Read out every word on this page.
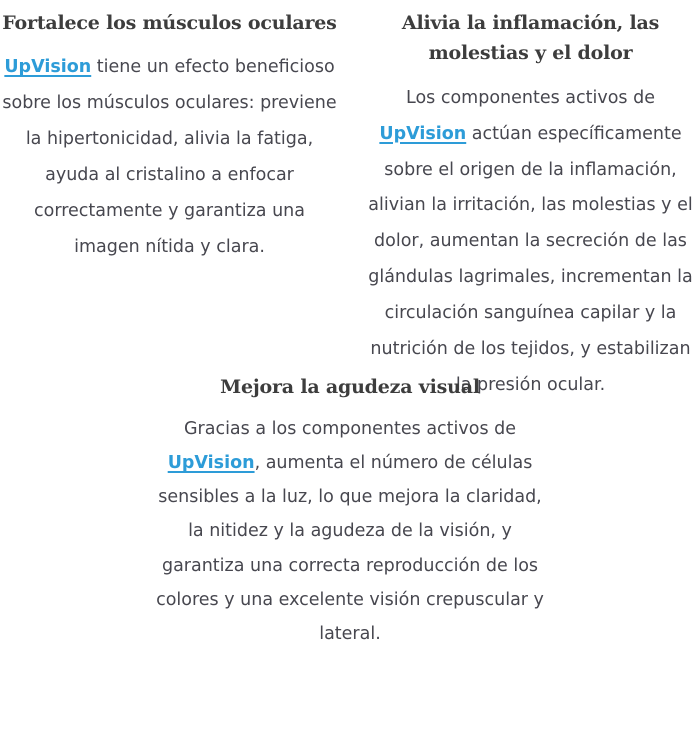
Fortalece los músculos oculares

UpVision tiene un efecto beneficioso sobre los músculos oculares: previene la hipertonicidad, alivia la fatiga, ayuda al cristalino a enfocar correctamente y garantiza una imagen nítida y clara.

Alivia la inflamación, las molestias y el dolor

Los componentes activos de UpVision actúan específicamente sobre el origen de la inflamación, alivian la irritación, las molestias y el dolor, aumentan la secreción de las glándulas lagrimales, incrementan la circulación sanguínea capilar y la nutrición de los tejidos, y estabilizan la presión ocular.

Mejora la agudeza visual

Gracias a los componentes activos de UpVision, aumenta el número de células sensibles a la luz, lo que mejora la claridad, la nitidez y la agudeza de la visión, y garantiza una correcta reproducción de los colores y una excelente visión crepuscular y lateral.
